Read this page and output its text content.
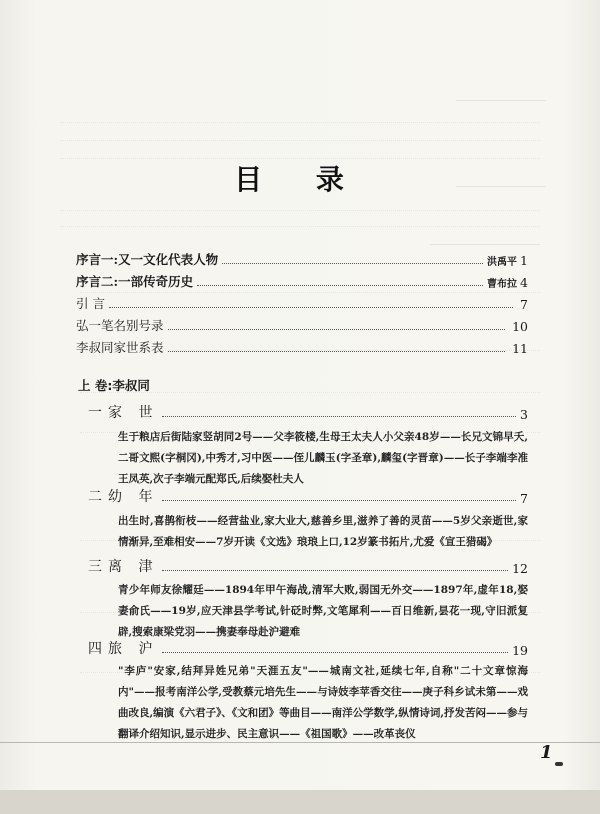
目 录
序言一:又一文化代表人物	洪禹平 1
序言二:一部传奇历史	曹布拉 4
引 言	7
弘一笔名别号录	10
李叔同家世系表	11
上 卷:李叔同
一家 世	3
生于粮店后街陆家竖胡同2号——父李筱楼,生母王太夫人小父亲48岁——长兄文锦早夭,二哥文熙(字桐冈),中秀才,习中医——侄儿麟玉(字圣章),麟玺(字晋章)——长子李端李准王凤英,次子李端元配郑氏,后续娶杜夫人
二幼 年	7
出生时,喜鹊衔枝——经营盐业,家大业大,慈善乡里,滋养了善的灵苗——5岁父亲逝世,家情渐异,至难相安——7岁开读《文选》琅琅上口,12岁篆书拓片,尤爱《宣王猎碣》
三离 津	12
青少年师友徐耀廷——1894年甲午海战,清军大败,弱国无外交——1897年,虚年18,娶妻俞氏——19岁,应天津县学考试,针砭时弊,文笔犀利——百日维新,昙花一现,守旧派复辟,搜索康梁党羽——携妻奉母赴沪避难
四旅 沪	19
"李庐"安家,结拜异姓兄弟"天涯五友"——城南文社,延续七年,自称"二十文章惊海内"——报考南洋公学,受教蔡元培先生——与诗妓李苹香交往——庚子科乡试未第——戏曲改良,编演《六君子》、《文和团》等曲目——南洋公学数学,纵情诗词,抒发苦闷——参与翻译介绍知识,显示进步、民主意识——《祖国歌》——改革丧仪
1
